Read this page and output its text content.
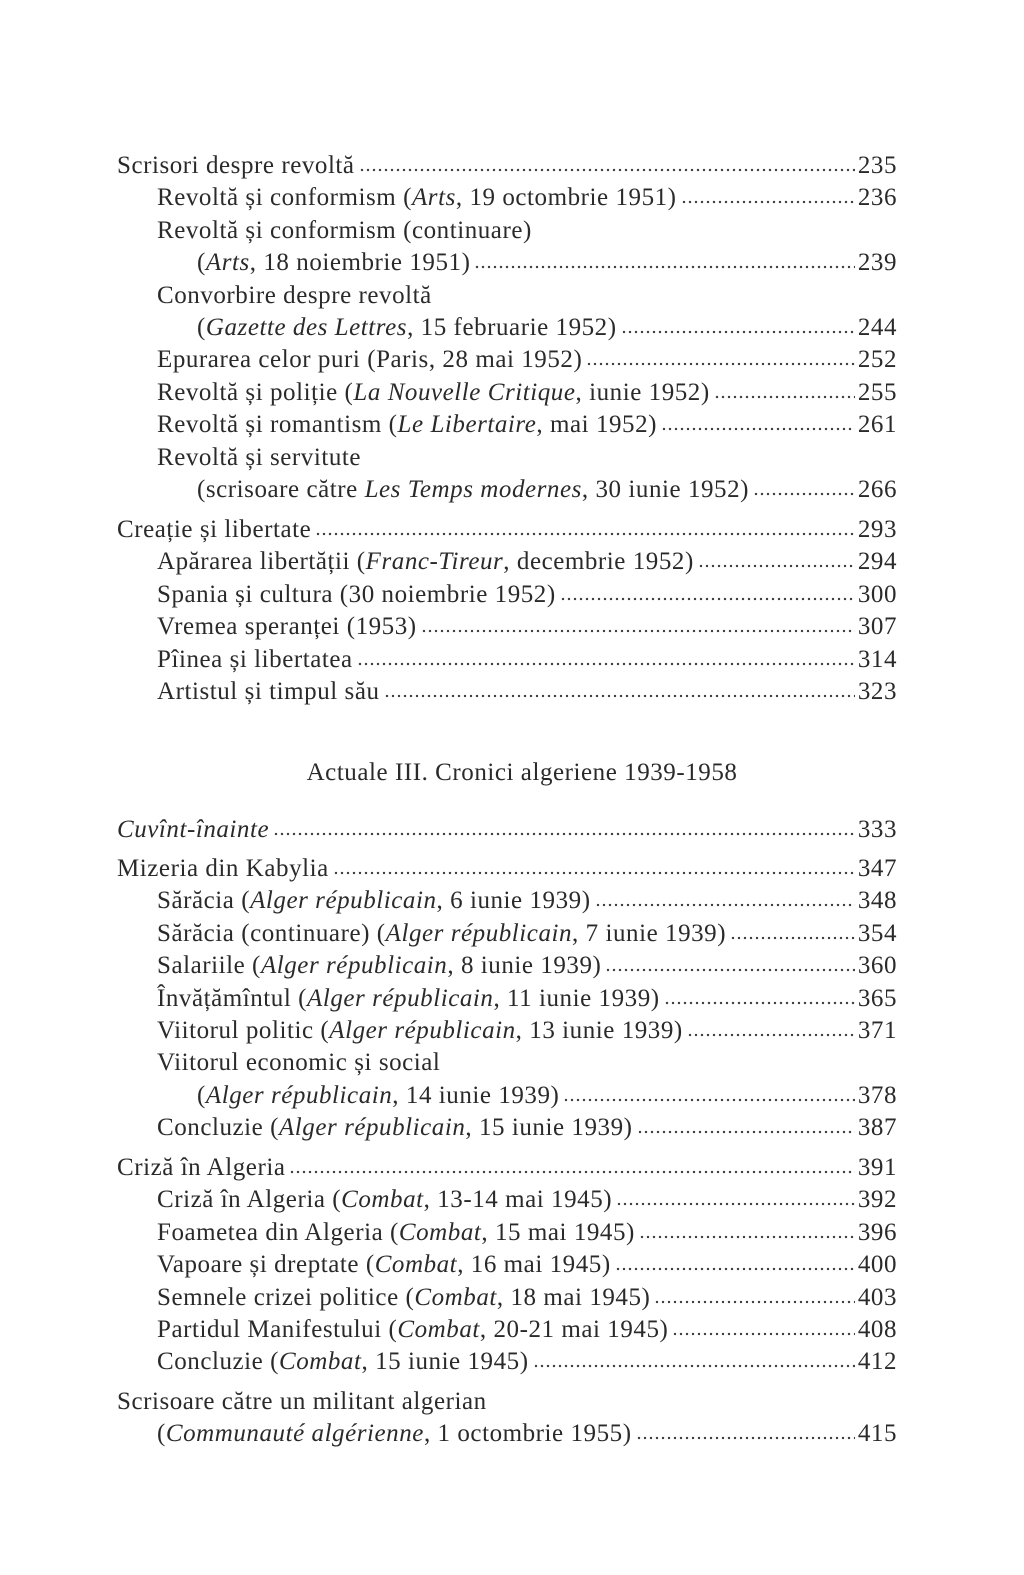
Scrisori despre revoltă	235
Revoltă și conformism (Arts, 19 octombrie 1951)	236
Revoltă și conformism (continuare)
(Arts, 18 noiembrie 1951)	239
Convorbire despre revoltă
(Gazette des Lettres, 15 februarie 1952)	244
Epurarea celor puri (Paris, 28 mai 1952)	252
Revoltă și poliție (La Nouvelle Critique, iunie 1952)	255
Revoltă și romantism (Le Libertaire, mai 1952)	261
Revoltă și servitute
(scrisoare către Les Temps modernes, 30 iunie 1952)	266
Creație și libertate	293
Apărarea libertății (Franc-Tireur, decembrie 1952)	294
Spania și cultura (30 noiembrie 1952)	300
Vremea speranței (1953)	307
Pîinea și libertatea	314
Artistul și timpul său	323
Cuvînt-înainte	333
Mizeria din Kabylia	347
Sărăcia (Alger républicain, 6 iunie 1939)	348
Sărăcia (continuare) (Alger républicain, 7 iunie 1939)	354
Salariile (Alger républicain, 8 iunie 1939)	360
Învățămîntul (Alger républicain, 11 iunie 1939)	365
Viitorul politic (Alger républicain, 13 iunie 1939)	371
Viitorul economic și social
(Alger républicain, 14 iunie 1939)	378
Concluzie (Alger républicain, 15 iunie 1939)	387
Criză în Algeria	391
Criză în Algeria (Combat, 13-14 mai 1945)	392
Foametea din Algeria (Combat, 15 mai 1945)	396
Vapoare și dreptate (Combat, 16 mai 1945)	400
Semnele crizei politice (Combat, 18 mai 1945)	403
Partidul Manifestului (Combat, 20-21 mai 1945)	408
Concluzie (Combat, 15 iunie 1945)	412
Scrisoare către un militant algerian
(Communauté algérienne, 1 octombrie 1955)	415
Actuale III. Cronici algeriene 1939-1958
